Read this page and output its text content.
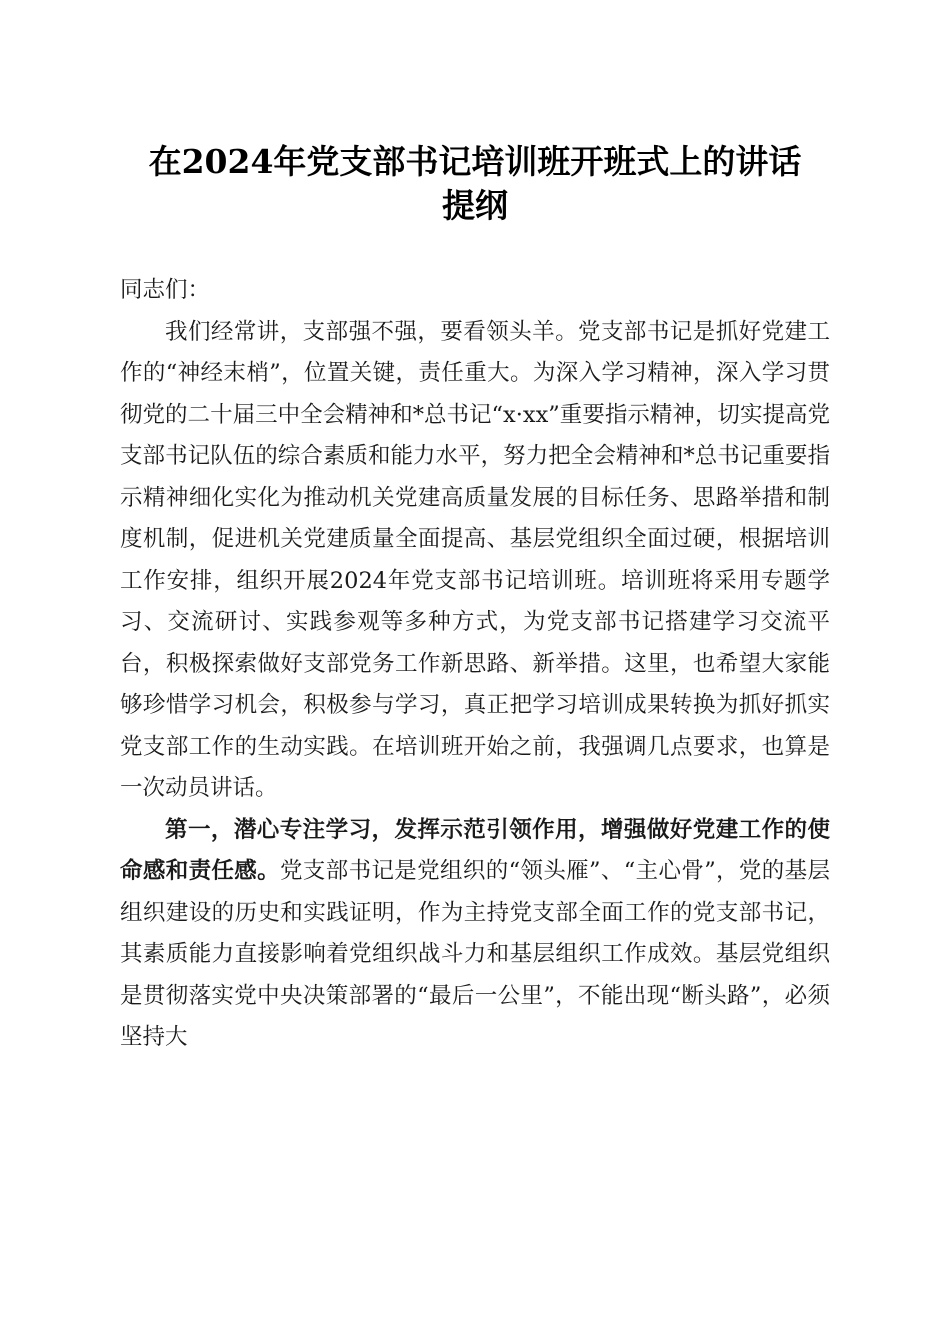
在2024年党支部书记培训班开班式上的讲话
提纲

同志们：

我们经常讲，支部强不强，要看领头羊。党支部书记是抓好党建工作的“神经末梢”，位置关键，责任重大。为深入学习精神，深入学习贯彻党的二十届三中全会精神和*总书记“x·xx”重要指示精神，切实提高党支部书记队伍的综合素质和能力水平，努力把全会精神和*总书记重要指示精神细化实化为推动机关党建高质量发展的目标任务、思路举措和制度机制，促进机关党建质量全面提高、基层党组织全面过硬，根据培训工作安排，组织开展2024年党支部书记培训班。培训班将采用专题学习、交流研讨、实践参观等多种方式，为党支部书记搭建学习交流平台，积极探索做好支部党务工作新思路、新举措。这里，也希望大家能够珍惜学习机会，积极参与学习，真正把学习培训成果转换为抓好抓实党支部工作的生动实践。在培训班开始之前，我强调几点要求，也算是一次动员讲话。

第一，潜心专注学习，发挥示范引领作用，增强做好党建工作的使命感和责任感。党支部书记是党组织的“领头雁”、“主心骨”，党的基层组织建设的历史和实践证明，作为主持党支部全面工作的党支部书记，其素质能力直接影响着党组织战斗力和基层组织工作成效。基层党组织是贯彻落实党中央决策部署的“最后一公里”，不能出现“断头路”，必须坚持大
